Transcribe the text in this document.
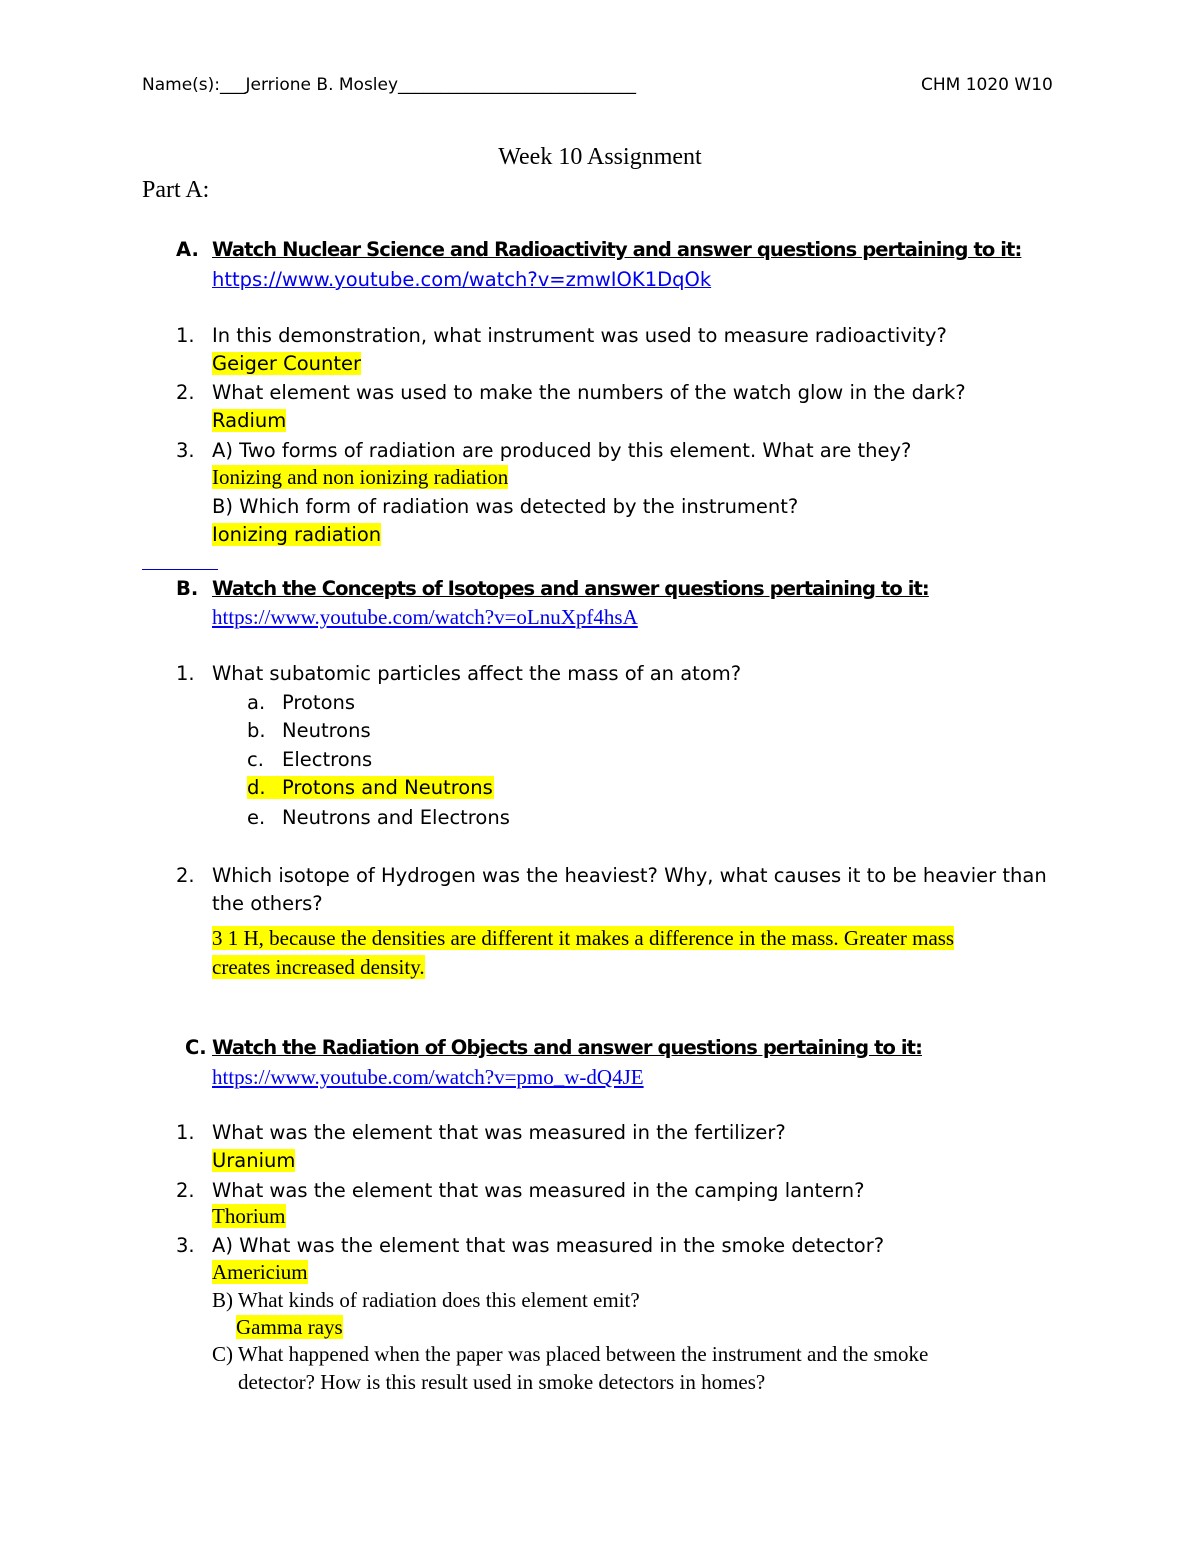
Name(s):___Jerrione B. Mosley____________________________	CHM 1020 W10
Week 10 Assignment
Part A:
A. Watch Nuclear Science and Radioactivity and answer questions pertaining to it:
https://www.youtube.com/watch?v=zmwIOK1DqOk
1. In this demonstration, what instrument was used to measure radioactivity?
Geiger Counter
2. What element was used to make the numbers of the watch glow in the dark?
Radium
3. A) Two forms of radiation are produced by this element. What are they?
Ionizing and non ionizing radiation
B) Which form of radiation was detected by the instrument?
Ionizing radiation
B. Watch the Concepts of Isotopes and answer questions pertaining to it:
https://www.youtube.com/watch?v=oLnuXpf4hsA
1. What subatomic particles affect the mass of an atom?
a. Protons
b. Neutrons
c. Electrons
d. Protons and Neutrons
e. Neutrons and Electrons
2. Which isotope of Hydrogen was the heaviest? Why, what causes it to be heavier than
the others?
3 1 H, because the densities are different it makes a difference in the mass. Greater mass
creates increased density.
C. Watch the Radiation of Objects and answer questions pertaining to it:
https://www.youtube.com/watch?v=pmo_w-dQ4JE
1. What was the element that was measured in the fertilizer?
Uranium
2. What was the element that was measured in the camping lantern?
Thorium
3. A) What was the element that was measured in the smoke detector?
Americium
B) What kinds of radiation does this element emit?
Gamma rays
C) What happened when the paper was placed between the instrument and the smoke
detector? How is this result used in smoke detectors in homes?
